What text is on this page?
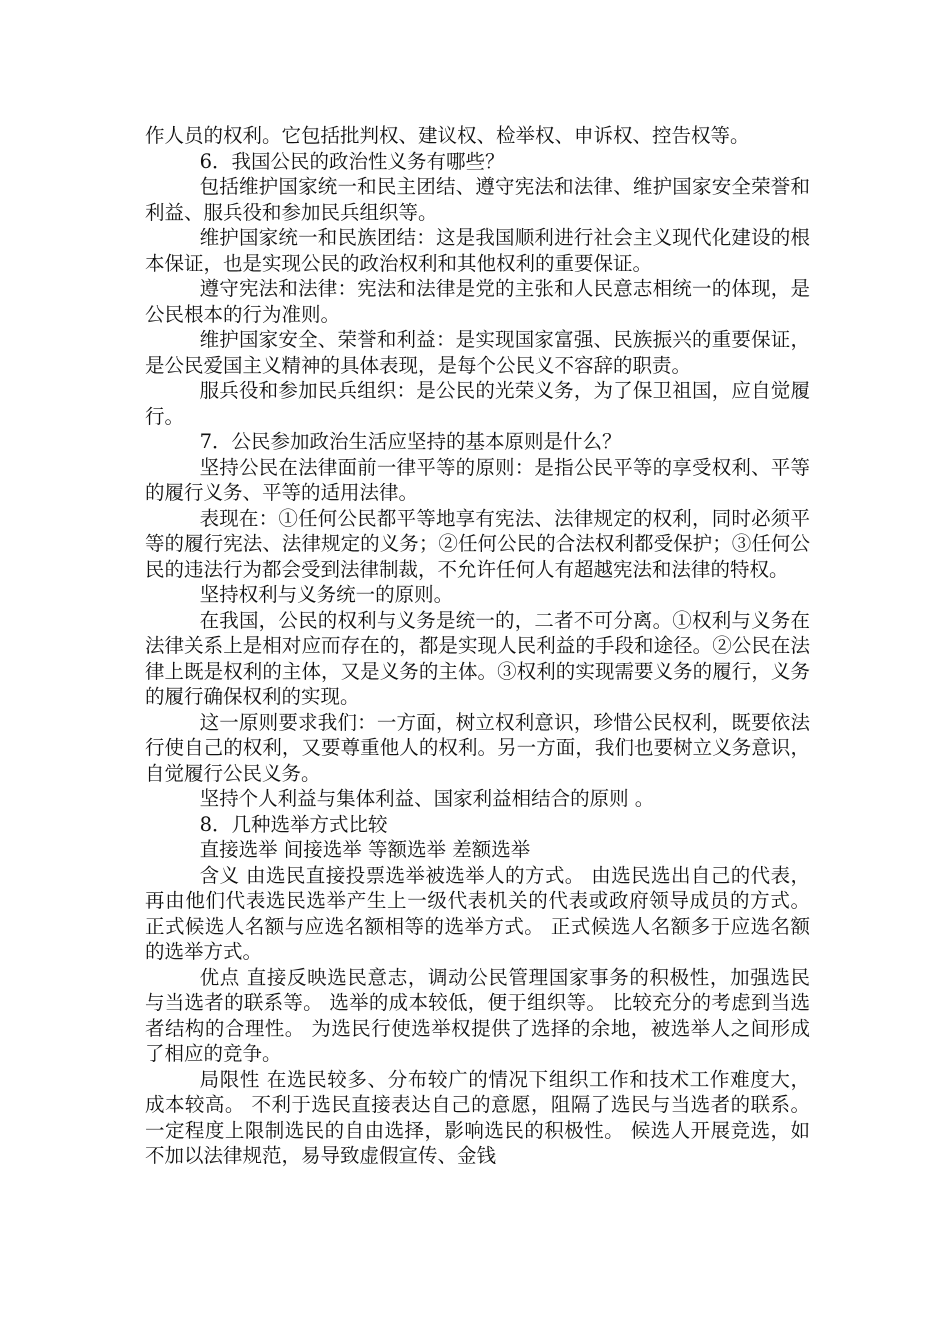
作人员的权利。它包括批判权、建议权、检举权、申诉权、控告权等。

6．我国公民的政治性义务有哪些？

包括维护国家统一和民主团结、遵守宪法和法律、维护国家安全荣誉和利益、服兵役和参加民兵组织等。

维护国家统一和民族团结：这是我国顺利进行社会主义现代化建设的根本保证，也是实现公民的政治权利和其他权利的重要保证。

遵守宪法和法律：宪法和法律是党的主张和人民意志相统一的体现，是公民根本的行为准则。

维护国家安全、荣誉和利益：是实现国家富强、民族振兴的重要保证，是公民爱国主义精神的具体表现，是每个公民义不容辞的职责。

服兵役和参加民兵组织：是公民的光荣义务，为了保卫祖国，应自觉履行。

7．公民参加政治生活应坚持的基本原则是什么？

坚持公民在法律面前一律平等的原则：是指公民平等的享受权利、平等的履行义务、平等的适用法律。

表现在：①任何公民都平等地享有宪法、法律规定的权利，同时必须平等的履行宪法、法律规定的义务；②任何公民的合法权利都受保护；③任何公民的违法行为都会受到法律制裁，不允许任何人有超越宪法和法律的特权。

坚持权利与义务统一的原则。

在我国，公民的权利与义务是统一的，二者不可分离。①权利与义务在法律关系上是相对应而存在的，都是实现人民利益的手段和途径。②公民在法律上既是权利的主体，又是义务的主体。③权利的实现需要义务的履行，义务的履行确保权利的实现。

这一原则要求我们：一方面，树立权利意识，珍惜公民权利，既要依法行使自己的权利，又要尊重他人的权利。另一方面，我们也要树立义务意识，自觉履行公民义务。

坚持个人利益与集体利益、国家利益相结合的原则 。

8．几种选举方式比较

直接选举 间接选举 等额选举 差额选举

含义 由选民直接投票选举被选举人的方式。 由选民选出自己的代表，再由他们代表选民选举产生上一级代表机关的代表或政府领导成员的方式。 正式候选人名额与应选名额相等的选举方式。 正式候选人名额多于应选名额的选举方式。

优点 直接反映选民意志，调动公民管理国家事务的积极性，加强选民与当选者的联系等。 选举的成本较低，便于组织等。 比较充分的考虑到当选者结构的合理性。 为选民行使选举权提供了选择的余地，被选举人之间形成了相应的竞争。

局限性 在选民较多、分布较广的情况下组织工作和技术工作难度大，成本较高。 不利于选民直接表达自己的意愿，阻隔了选民与当选者的联系。 一定程度上限制选民的自由选择，影响选民的积极性。 候选人开展竞选，如不加以法律规范，易导致虚假宣传、金钱
